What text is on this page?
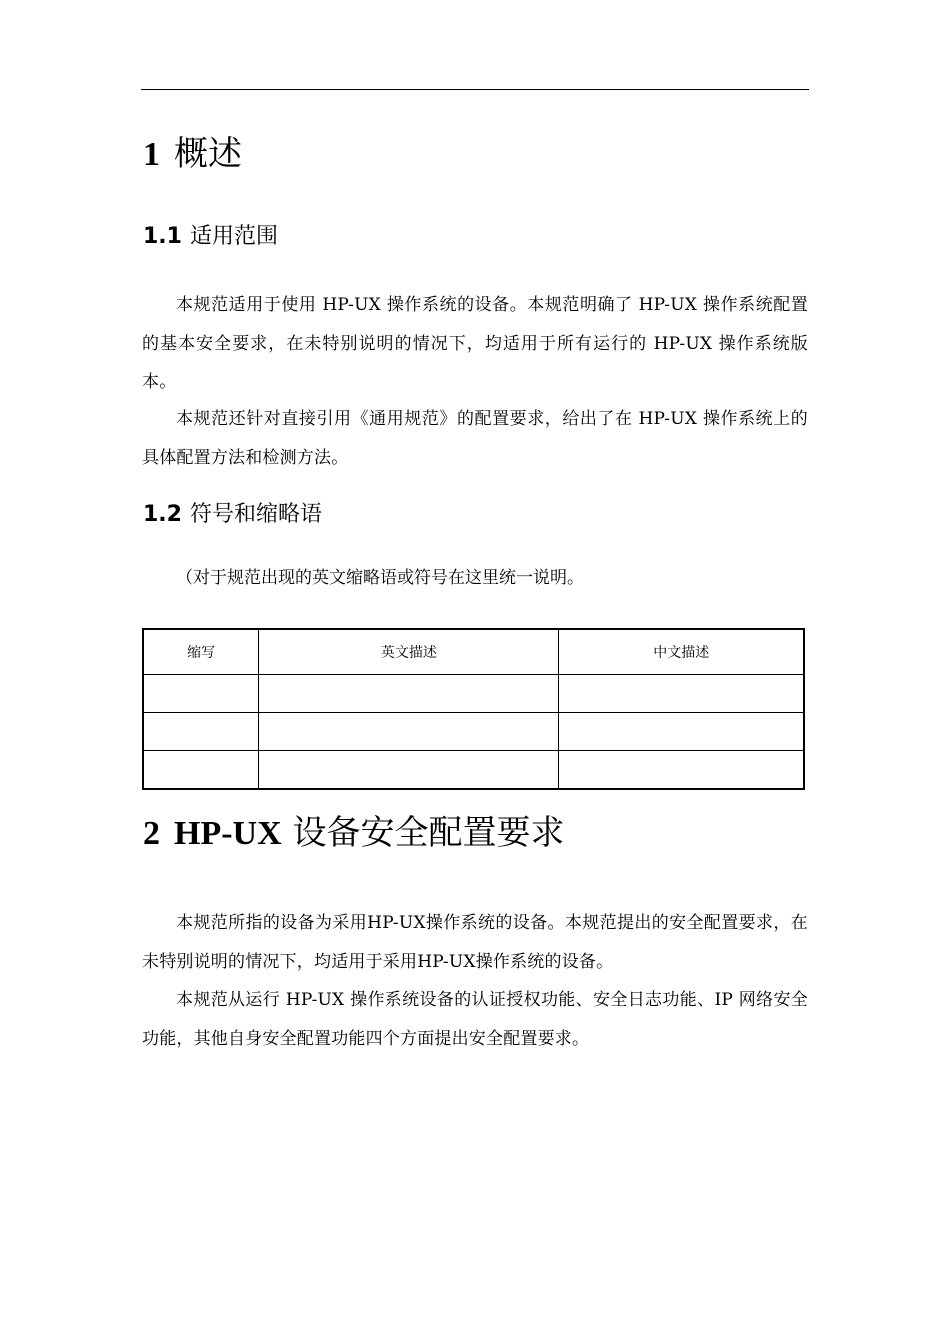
1 概述
1.1 适用范围
本规范适用于使用 HP-UX 操作系统的设备。本规范明确了 HP-UX 操作系统配置的基本安全要求，在未特别说明的情况下，均适用于所有运行的 HP-UX 操作系统版本。
本规范还针对直接引用《通用规范》的配置要求，给出了在 HP-UX 操作系统上的具体配置方法和检测方法。
1.2 符号和缩略语
（对于规范出现的英文缩略语或符号在这里统一说明。
缩写	英文描述	中文描述

2 HP-UX 设备安全配置要求
本规范所指的设备为采用HP-UX操作系统的设备。本规范提出的安全配置要求，在未特别说明的情况下，均适用于采用HP-UX操作系统的设备。
本规范从运行 HP-UX 操作系统设备的认证授权功能、安全日志功能、IP 网络安全功能，其他自身安全配置功能四个方面提出安全配置要求。
